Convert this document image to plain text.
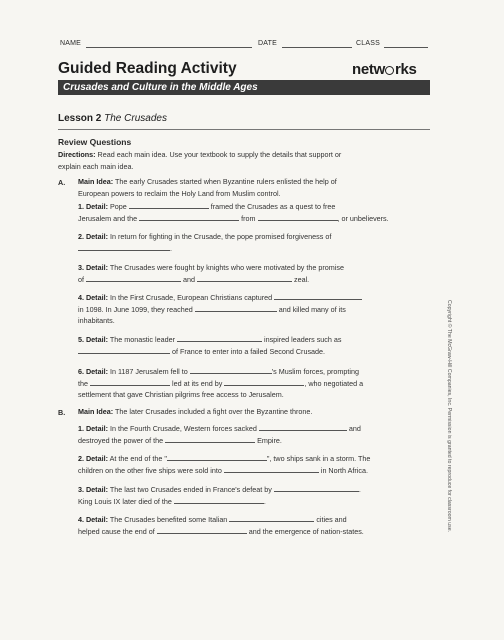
NAME	DATE	CLASS
Guided Reading Activity	netw rks
Crusades and Culture in the Middle Ages
Lesson 2 The Crusades
Review Questions
Directions: Read each main idea. Use your textbook to supply the details that support or
explain each main idea.
A. Main Idea: The early Crusades started when Byzantine rulers enlisted the help of
European powers to reclaim the Holy Land from Muslim control.
1. Detail: Pope	framed the Crusades as a quest to free
Jerusalem and the	from	, or unbelievers.
2. Detail: In return for fighting in the Crusade, the pope promised forgiveness of
.
3. Detail: The Crusades were fought by knights who were motivated by the promise
of	and	zeal.
4. Detail: In the First Crusade, European Christians captured
in 1098. In June 1099, they reached	and killed many of its
inhabitants.
5. Detail: The monastic leader	inspired leaders such as
of France to enter into a failed Second Crusade.
6. Detail: In 1187 Jerusalem fell to	's Muslim forces, prompting
the	led at its end by	, who negotiated a
settlement that gave Christian pilgrims free access to Jerusalem.
B. Main Idea: The later Crusades included a fight over the Byzantine throne.
1. Detail: In the Fourth Crusade, Western forces sacked	and
destroyed the power of the	Empire.
2. Detail: At the end of the "	", two ships sank in a storm. The
children on the other five ships were sold into	in North Africa.
3. Detail: The last two Crusades ended in France's defeat by	.
King Louis IX later died of the	.
4. Detail: The Crusades benefited some Italian	cities and
helped cause the end of	and the emergence of nation-states.	Copyright © The McGraw-Hill Companies, Inc. Permission is granted to reproduce for classroom use.
